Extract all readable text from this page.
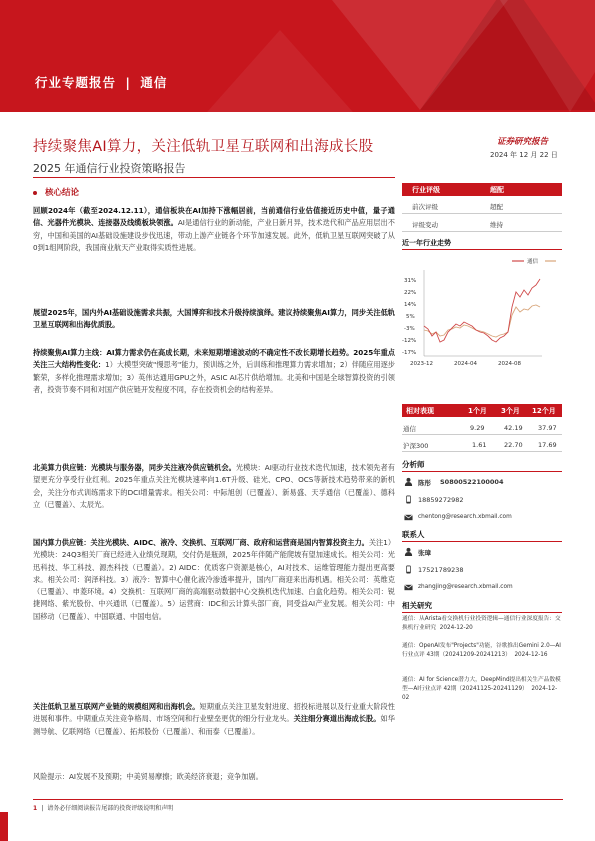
行业专题报告 | 通信
持续聚焦AI算力，关注低轨卫星互联网和出海成长股
2025 年通信行业投资策略报告
证券研究报告
2024 年 12 月 22 日
核心结论
回顾2024年（截至2024.12.11），通信板块在AI加持下涨幅居前，当前通信行业估值接近历史中值，量子通信、光器件光模块、连接器及线缆板块领涨。AI是通信行业的新动能，产业日新月异，技术迭代和产品应用层出不穷，中国和美国的AI基础设施建设步伐迅速，带动上游产业链各个环节加速发展。此外，低轨卫星互联网突破了从0到1组网阶段，我国商业航天产业取得实质性进展。
展望2025年，国内外AI基础设施需求共振，大国博弈和技术升级持续演绎。建议持续聚焦AI算力，同步关注低轨卫星互联网和出海优质股。
持续聚焦AI算力主线：AI算力需求仍在高成长期，未来短期增速波动的不确定性不改长期增长趋势。2025年重点关注三大结构性变化：1）大模型突破"慢思考"能力，预训练之外，后训练和推理算力需求增加；2）伴随应用逐步繁荣，多样化推理需求增加；3）英伟达通用GPU之外，ASIC AI芯片供给增加。北美和中国是全球智算投资的引领者，投资节奏不同和对国产供应链开发程度不同，存在投资机会的结构差异。
北美算力供应链：光模块与服务器，同步关注液冷供应链机会。光模块：AI驱动行业技术迭代加速，技术领先者有望更充分享受行业红利。2025年重点关注光模块速率向1.6T升级、硅光、CPO、OCS等新技术趋势带来的新机会，关注分布式训练需求下的DCI增量需求。相关公司：中际旭创（已覆盖）、新易盛、天孚通信（已覆盖）、德科立（已覆盖）、太辰光。
国内算力供应链：关注光模块、AIDC、液冷、交换机、互联网厂商、政府和运营商是国内智算投资主力。关注1）光模块：24Q3相关厂商已经进入业绩兑现期，交付仍是瓶颈，2025年伴随产能爬坡有望加速成长。相关公司：光迅科技、华工科技、源杰科技（已覆盖）。2) AIDC：优质客户资源是核心，AI对技术、运维管理能力提出更高要求。相关公司：润泽科技。3）液冷：智算中心催化液冷渗透率提升，国内厂商迎来出海机遇。相关公司：英维克（已覆盖）、申菱环境。4）交换机：互联网厂商的高端驱动数据中心交换机迭代加速、白盒化趋势。相关公司：锐捷网络、紫光股份、中兴通讯（已覆盖）。5）运营商：IDC和云计算头部厂商，同受益AI产业发展。相关公司：中国移动（已覆盖）、中国联通、中国电信。
关注低轨卫星互联网产业链的规模组网和出海机会。短期重点关注卫星发射进度、招投标进展以及行业重大阶段性进展和事件。中期重点关注竞争格局、市场空间和行业壁垒更优的细分行业龙头。关注细分赛道出海成长股。如华测导航、亿联网络（已覆盖）、拓邦股份（已覆盖）、和而泰（已覆盖）。
风险提示：AI发展不及预期；中美贸易摩擦；欧美经济衰退；竞争加剧。
行业评级	超配
前次评级	超配
评级变动	维持
近一年行业走势
通信
31%
22%
14%
5%
-3%
-12%
-17%
2023-12	2024-04	2024-08
相对表现	1个月 3个月 12个月
通信	9.29	42.19 37.97
沪深300	1.61	22.70 17.69
分析师
陈彤 S0800522100004
18859272982
chentong@research.xbmail.com
联系人
张璋
17521789238
zhangjing@research.xbmail.com
相关研究
通信：从Arista看交换机行业投资逻辑—通信行业深度报告：交换机行业研究 2024-12-20
通信：OpenAI发布"Projects"功能，谷歌推出Gemini 2.0—AI行业点评 43期（20241209-20241213） 2024-12-16
通信：AI for Science潜力大，DeepMind提出相关生产品数模型—AI行业点评 42期（20241125-20241129） 2024-12-02
1 | 请务必仔细阅读报告尾部的投资评级说明和声明
